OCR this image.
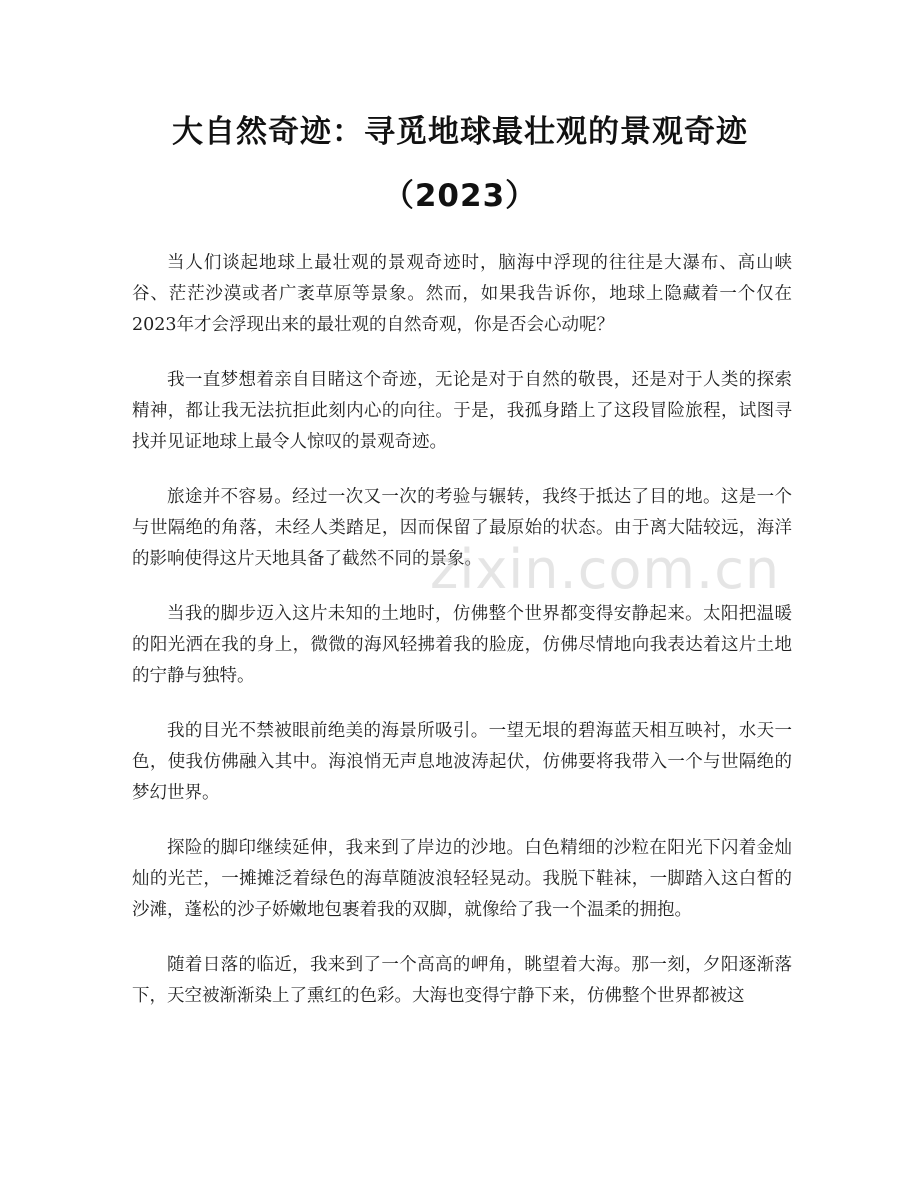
大自然奇迹：寻觅地球最壮观的景观奇迹（2023）

当人们谈起地球上最壮观的景观奇迹时，脑海中浮现的往往是大瀑布、高山峡谷、茫茫沙漠或者广袤草原等景象。然而，如果我告诉你，地球上隐藏着一个仅在2023年才会浮现出来的最壮观的自然奇观，你是否会心动呢？

我一直梦想着亲自目睹这个奇迹，无论是对于自然的敬畏，还是对于人类的探索精神，都让我无法抗拒此刻内心的向往。于是，我孤身踏上了这段冒险旅程，试图寻找并见证地球上最令人惊叹的景观奇迹。

旅途并不容易。经过一次又一次的考验与辗转，我终于抵达了目的地。这是一个与世隔绝的角落，未经人类踏足，因而保留了最原始的状态。由于离大陆较远，海洋的影响使得这片天地具备了截然不同的景象。

当我的脚步迈入这片未知的土地时，仿佛整个世界都变得安静起来。太阳把温暖的阳光洒在我的身上，微微的海风轻拂着我的脸庞，仿佛尽情地向我表达着这片土地的宁静与独特。

我的目光不禁被眼前绝美的海景所吸引。一望无垠的碧海蓝天相互映衬，水天一色，使我仿佛融入其中。海浪悄无声息地波涛起伏，仿佛要将我带入一个与世隔绝的梦幻世界。

探险的脚印继续延伸，我来到了岸边的沙地。白色精细的沙粒在阳光下闪着金灿灿的光芒，一摊摊泛着绿色的海草随波浪轻轻晃动。我脱下鞋袜，一脚踏入这白皙的沙滩，蓬松的沙子娇嫩地包裹着我的双脚，就像给了我一个温柔的拥抱。

随着日落的临近，我来到了一个高高的岬角，眺望着大海。那一刻，夕阳逐渐落下，天空被渐渐染上了熏红的色彩。大海也变得宁静下来，仿佛整个世界都被这

zixin.com.cn
